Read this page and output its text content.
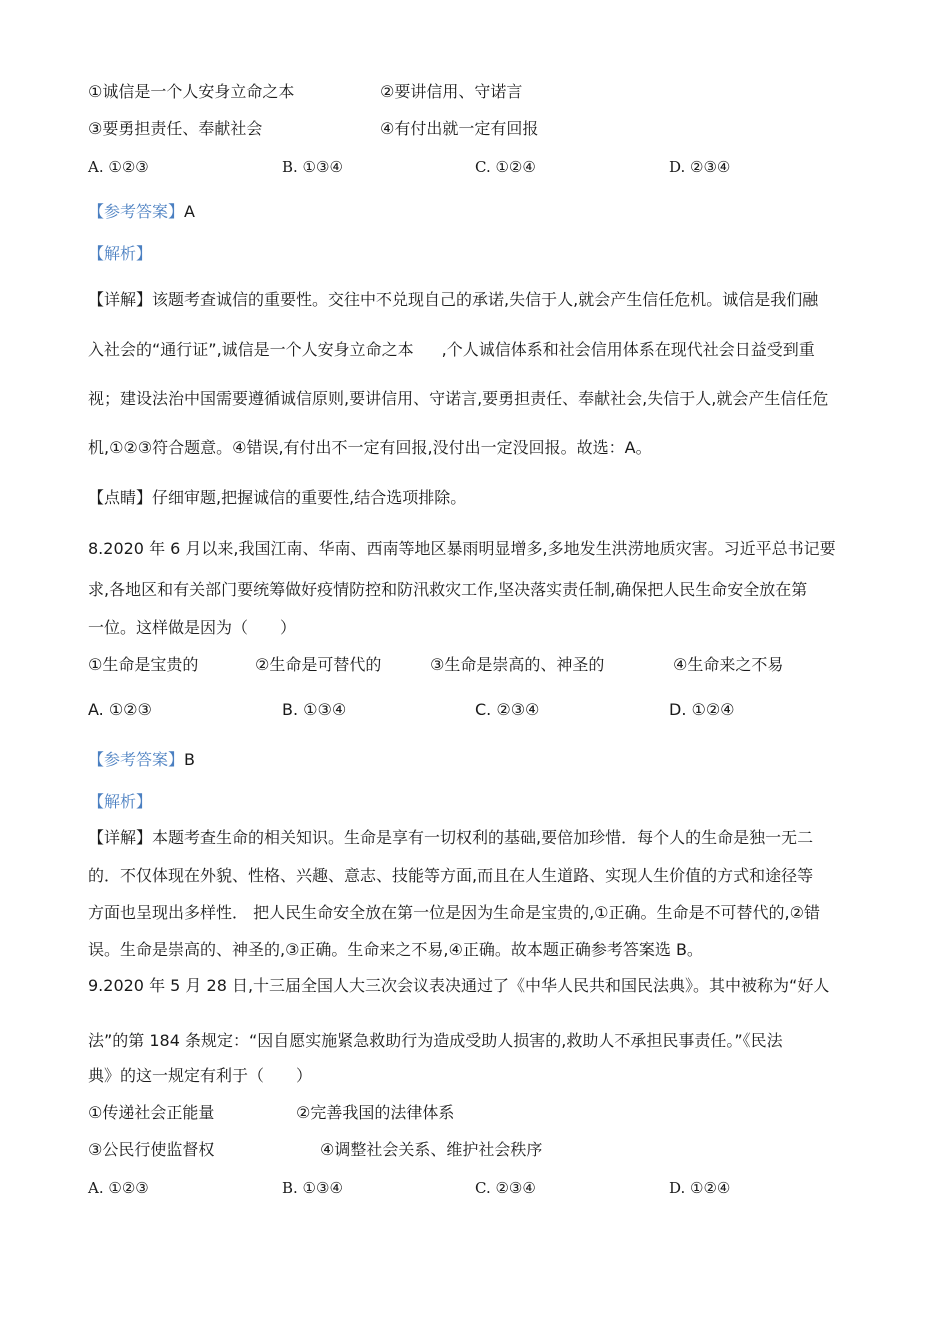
①诚信是一个人安身立命之本	②要讲信用、守诺言
③要勇担责任、奉献社会	④有付出就一定有回报
A. ①②③	B. ①③④	C. ①②④	D. ②③④
【参考答案】A
【解析】
【详解】该题考查诚信的重要性。交往中不兑现自己的承诺,失信于人,就会产生信任危机。诚信是我们融
入社会的“通行证”,诚信是一个人安身立命之本 ,个人诚信体系和社会信用体系在现代社会日益受到重
视；建设法治中国需要遵循诚信原则,要讲信用、守诺言,要勇担责任、奉献社会,失信于人,就会产生信任危
机,①②③符合题意。④错误,有付出不一定有回报,没付出一定没回报。故选：A。
【点睛】仔细审题,把握诚信的重要性,结合选项排除。
8.2020 年 6 月以来,我国江南、华南、西南等地区暴雨明显增多,多地发生洪涝地质灾害。习近平总书记要
求,各地区和有关部门要统筹做好疫情防控和防汛救灾工作,坚决落实责任制,确保把人民生命安全放在第
一位。这样做是因为（　　）
①生命是宝贵的	②生命是可替代的	③生命是崇高的、神圣的	④生命来之不易
A. ①②③	B. ①③④	C. ②③④	D. ①②④
【参考答案】B
【解析】
【详解】本题考查生命的相关知识。生命是享有一切权利的基础,要倍加珍惜．每个人的生命是独一无二
的．不仅体现在外貌、性格、兴趣、意志、技能等方面,而且在人生道路、实现人生价值的方式和途径等
方面也呈现出多样性． 把人民生命安全放在第一位是因为生命是宝贵的,①正确。生命是不可替代的,②错
误。生命是崇高的、神圣的,③正确。生命来之不易,④正确。故本题正确参考答案选 B。
9.2020 年 5 月 28 日,十三届全国人大三次会议表决通过了《中华人民共和国民法典》。其中被称为“好人
法”的第 184 条规定：“因自愿实施紧急救助行为造成受助人损害的,救助人不承担民事责任。”《民法
典》的这一规定有利于（　　）
①传递社会正能量	②完善我国的法律体系
③公民行使监督权	④调整社会关系、维护社会秩序
A. ①②③	B. ①③④	C. ②③④	D. ①②④
